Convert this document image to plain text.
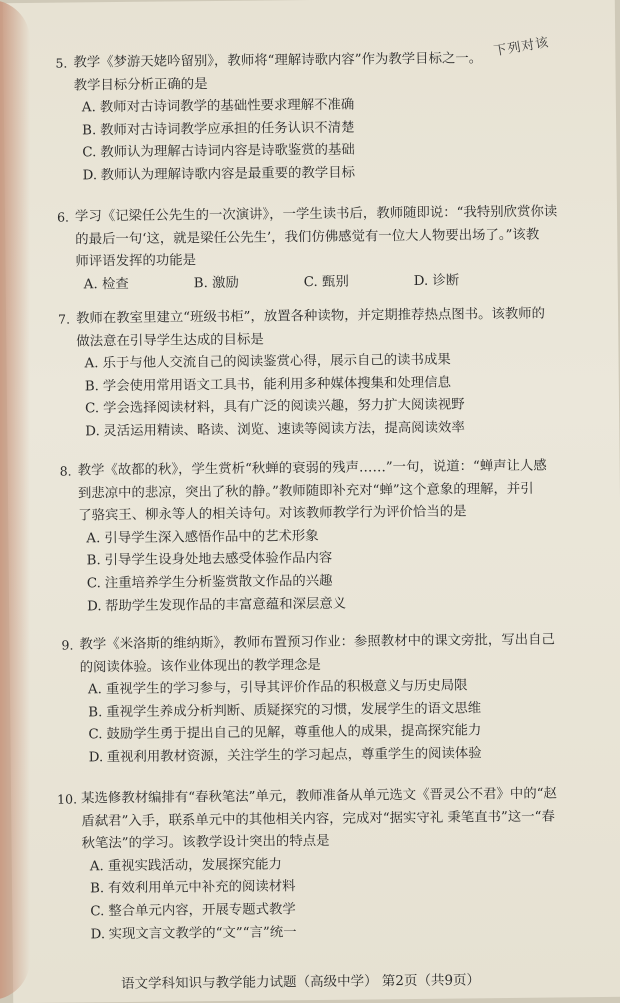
下列对该
5. 教学《梦游天姥吟留别》，教师将“理解诗歌内容”作为教学目标之一。
教学目标分析正确的是
A. 教师对古诗词教学的基础性要求理解不准确
B. 教师对古诗词教学应承担的任务认识不清楚
C. 教师认为理解古诗词内容是诗歌鉴赏的基础
D. 教师认为理解诗歌内容是最重要的教学目标
6. 学习《记梁任公先生的一次演讲》，一学生读书后，教师随即说：“我特别欣赏你读
的最后一句‘这，就是梁任公先生’，我们仿佛感觉有一位大人物要出场了。”该教
师评语发挥的功能是
A. 检查	B. 激励	C. 甄别	D. 诊断
7. 教师在教室里建立“班级书柜”，放置各种读物，并定期推荐热点图书。该教师的
做法意在引导学生达成的目标是
A. 乐于与他人交流自己的阅读鉴赏心得，展示自己的读书成果
B. 学会使用常用语文工具书，能利用多种媒体搜集和处理信息
C. 学会选择阅读材料，具有广泛的阅读兴趣，努力扩大阅读视野
D. 灵活运用精读、略读、浏览、速读等阅读方法，提高阅读效率
8. 教学《故都的秋》，学生赏析“秋蝉的衰弱的残声……”一句，说道：“蝉声让人感
到悲凉中的悲凉，突出了秋的静。”教师随即补充对“蝉”这个意象的理解，并引
了骆宾王、柳永等人的相关诗句。对该教师教学行为评价恰当的是
A. 引导学生深入感悟作品中的艺术形象
B. 引导学生设身处地去感受体验作品内容
C. 注重培养学生分析鉴赏散文作品的兴趣
D. 帮助学生发现作品的丰富意蕴和深层意义
9. 教学《米洛斯的维纳斯》，教师布置预习作业：参照教材中的课文旁批，写出自己
的阅读体验。该作业体现出的教学理念是
A. 重视学生的学习参与，引导其评价作品的积极意义与历史局限
B. 重视学生养成分析判断、质疑探究的习惯，发展学生的语文思维
C. 鼓励学生勇于提出自己的见解，尊重他人的成果，提高探究能力
D. 重视利用教材资源，关注学生的学习起点，尊重学生的阅读体验
10. 某选修教材编排有“春秋笔法”单元，教师准备从单元选文《晋灵公不君》中的“赵
盾弑君”入手，联系单元中的其他相关内容，完成对“据实守礼 秉笔直书”这一“春
秋笔法”的学习。该教学设计突出的特点是
A. 重视实践活动，发展探究能力
B. 有效利用单元中补充的阅读材料
C. 整合单元内容，开展专题式教学
D. 实现文言文教学的“文”“言”统一
语文学科知识与教学能力试题（高级中学） 第2页（共9页）
